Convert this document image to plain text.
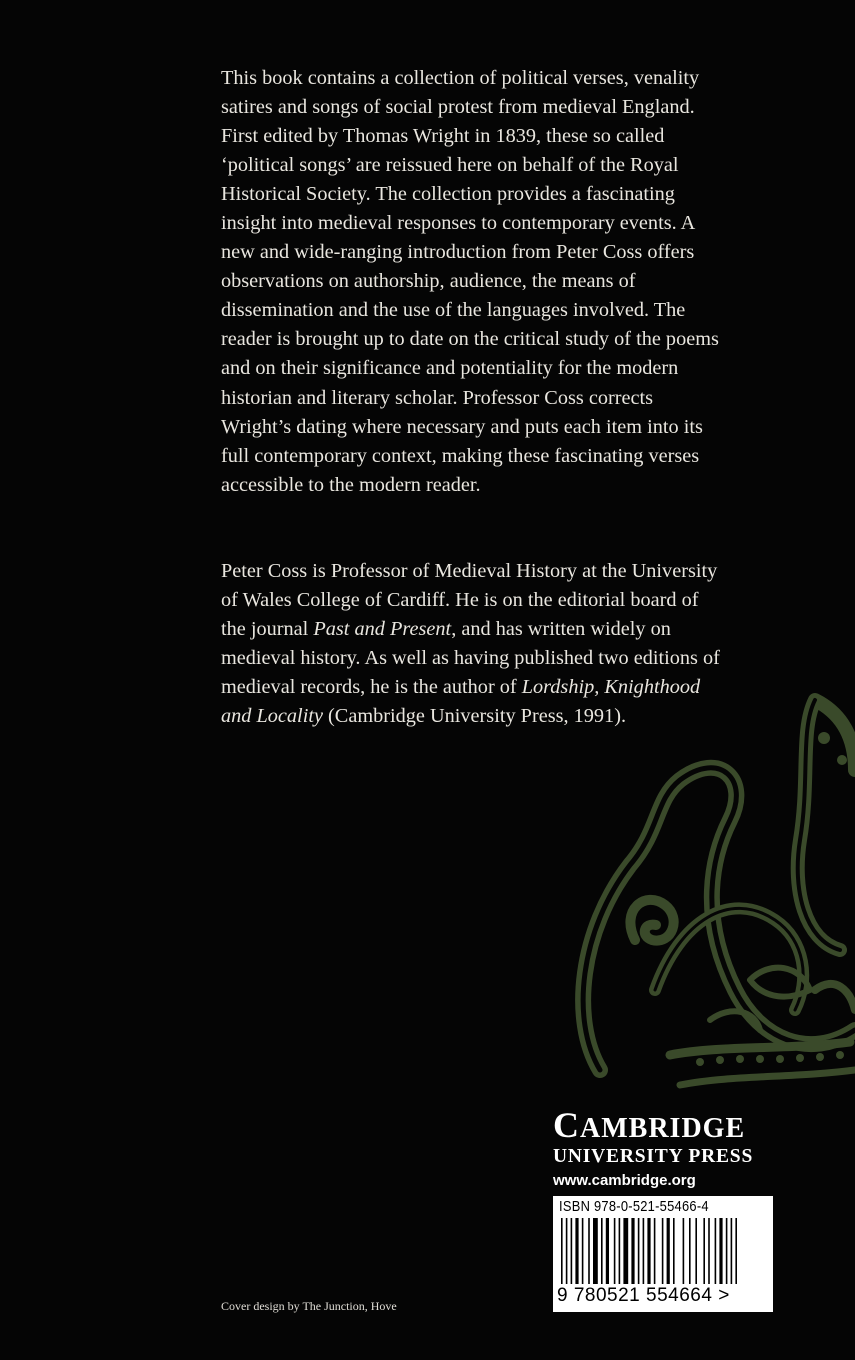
This book contains a collection of political verses, venality satires and songs of social protest from medieval England. First edited by Thomas Wright in 1839, these so called ‘political songs’ are reissued here on behalf of the Royal Historical Society. The collection provides a fascinating insight into medieval responses to contemporary events. A new and wide-ranging introduction from Peter Coss offers observations on authorship, audience, the means of dissemination and the use of the languages involved. The reader is brought up to date on the critical study of the poems and on their significance and potentiality for the modern historian and literary scholar. Professor Coss corrects Wright’s dating where necessary and puts each item into its full contemporary context, making these fascinating verses accessible to the modern reader.

Peter Coss is Professor of Medieval History at the University of Wales College of Cardiff. He is on the editorial board of the journal Past and Present, and has written widely on medieval history. As well as having published two editions of medieval records, he is the author of Lordship, Knighthood and Locality (Cambridge University Press, 1991).

CAMBRIDGE
UNIVERSITY PRESS
www.cambridge.org
ISBN 978-0-521-55466-4
9 780521 554664 >

Cover design by The Junction, Hove
